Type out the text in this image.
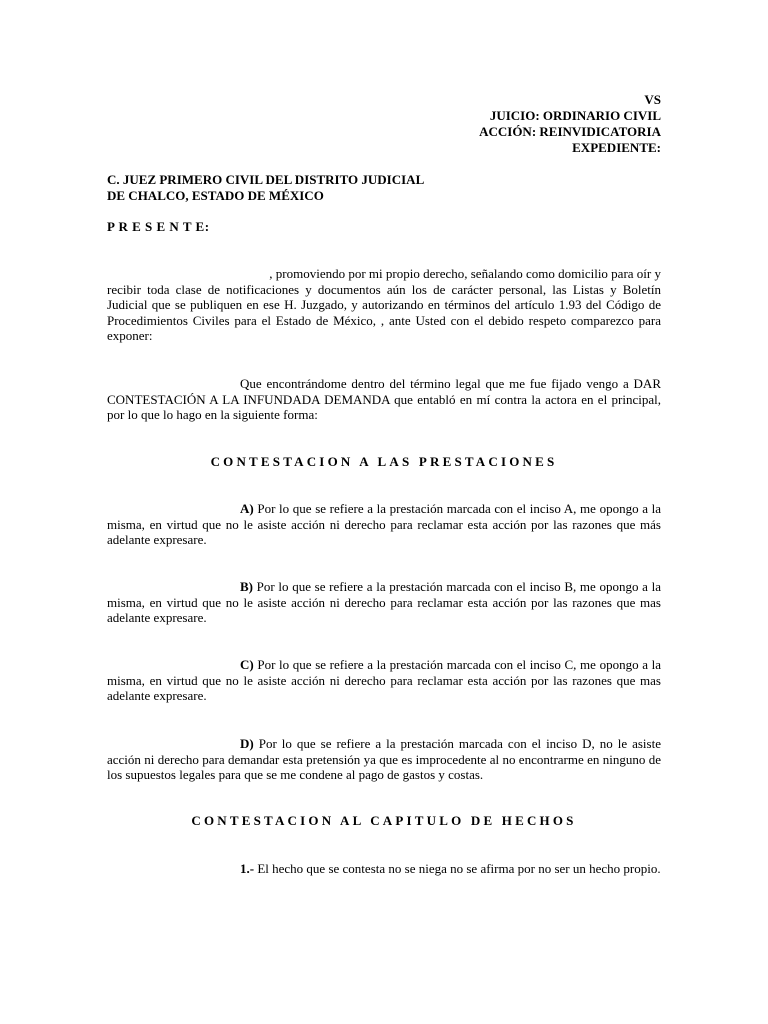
VS
JUICIO: ORDINARIO CIVIL
ACCIÓN: REINVIDICATORIA
EXPEDIENTE:
C. JUEZ PRIMERO CIVIL DEL DISTRITO JUDICIAL
DE CHALCO, ESTADO DE MÉXICO
P R E S E N T E:
, promoviendo por mi propio derecho, señalando como domicilio para oír y
recibir toda clase de notificaciones y documentos aún los de carácter personal, las Listas y Boletín Judicial que se publiquen en ese H. Juzgado, y autorizando en términos del artículo 1.93 del Código de Procedimientos Civiles para el Estado de México, , ante Usted con el debido respeto comparezco para exponer:
Que encontrándome dentro del término legal que me fue fijado vengo a DAR CONTESTACIÓN A LA INFUNDADA DEMANDA que entabló en mí contra la actora en el principal, por lo que lo hago en la siguiente forma:
CONTESTACION A LAS PRESTACIONES
A) Por lo que se refiere a la prestación marcada con el inciso A, me opongo a la misma, en virtud que no le asiste acción ni derecho para reclamar esta acción por las razones que más adelante expresare.
B) Por lo que se refiere a la prestación marcada con el inciso B, me opongo a la misma, en virtud que no le asiste acción ni derecho para reclamar esta acción por las razones que mas adelante expresare.
C) Por lo que se refiere a la prestación marcada con el inciso C, me opongo a la misma, en virtud que no le asiste acción ni derecho para reclamar esta acción por las razones que mas adelante expresare.
D) Por lo que se refiere a la prestación marcada con el inciso D, no le asiste acción ni derecho para demandar esta pretensión ya que es improcedente al no encontrarme en ninguno de los supuestos legales para que se me condene al pago de gastos y costas.
CONTESTACION AL CAPITULO DE HECHOS
1.- El hecho que se contesta no se niega no se afirma por no ser un hecho propio.
